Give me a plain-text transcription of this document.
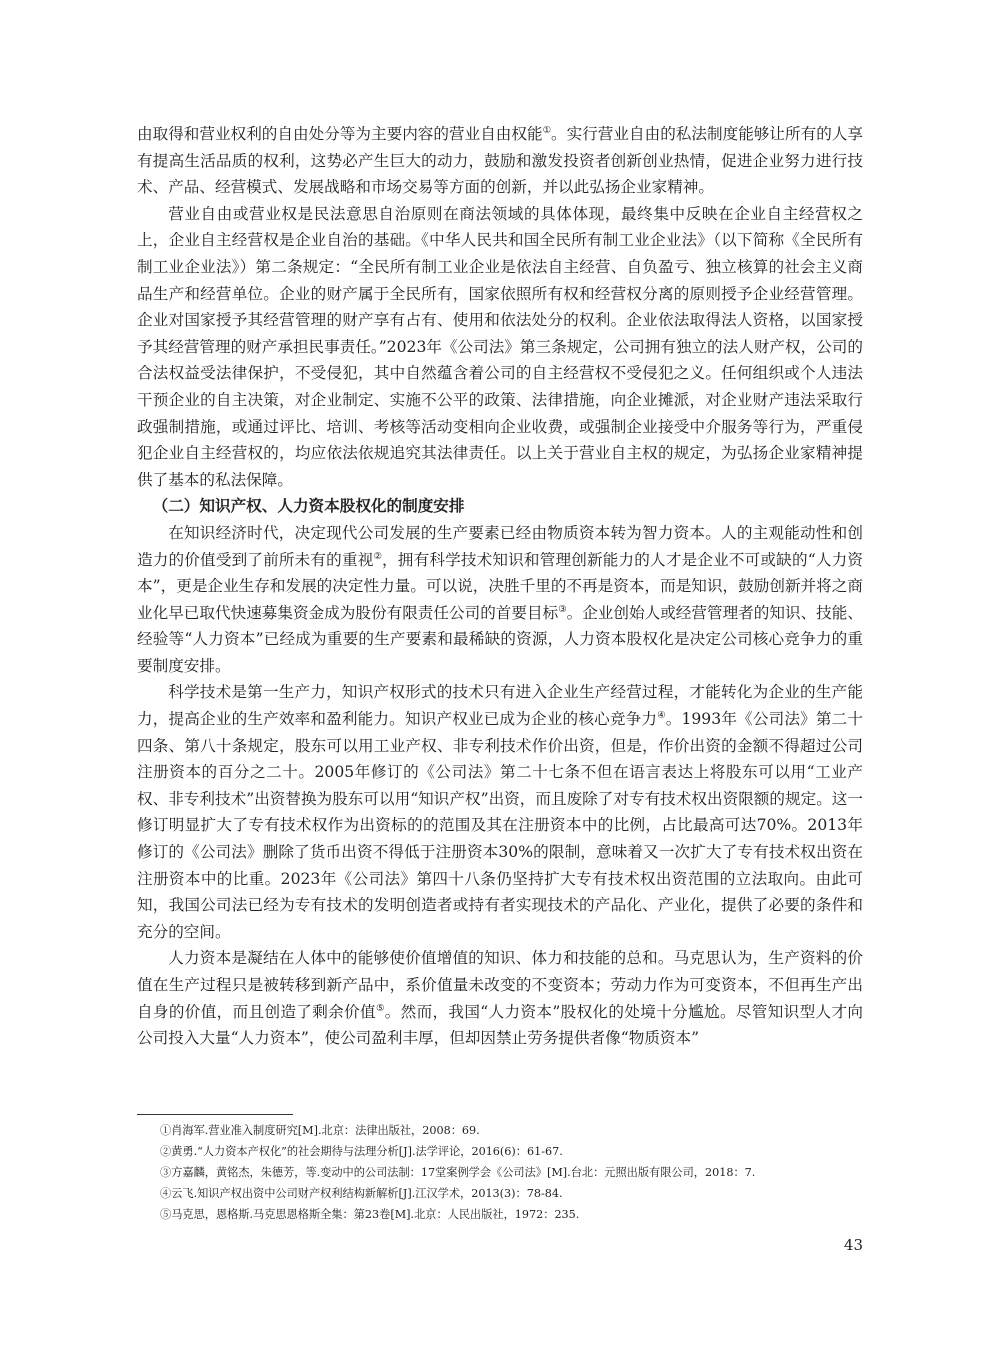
由取得和营业权利的自由处分等为主要内容的营业自由权能①。实行营业自由的私法制度能够让所有的人享有提高生活品质的权利，这势必产生巨大的动力，鼓励和激发投资者创新创业热情，促进企业努力进行技术、产品、经营模式、发展战略和市场交易等方面的创新，并以此弘扬企业家精神。

营业自由或营业权是民法意思自治原则在商法领域的具体体现，最终集中反映在企业自主经营权之上，企业自主经营权是企业自治的基础。《中华人民共和国全民所有制工业企业法》（以下简称《全民所有制工业企业法》）第二条规定：“全民所有制工业企业是依法自主经营、自负盈亏、独立核算的社会主义商品生产和经营单位。企业的财产属于全民所有，国家依照所有权和经营权分离的原则授予企业经营管理。企业对国家授予其经营管理的财产享有占有、使用和依法处分的权利。企业依法取得法人资格，以国家授予其经营管理的财产承担民事责任。”2023年《公司法》第三条规定，公司拥有独立的法人财产权，公司的合法权益受法律保护，不受侵犯，其中自然蕴含着公司的自主经营权不受侵犯之义。任何组织或个人违法干预企业的自主决策，对企业制定、实施不公平的政策、法律措施，向企业摊派，对企业财产违法采取行政强制措施，或通过评比、培训、考核等活动变相向企业收费，或强制企业接受中介服务等行为，严重侵犯企业自主经营权的，均应依法依规追究其法律责任。以上关于营业自主权的规定，为弘扬企业家精神提供了基本的私法保障。

（二）知识产权、人力资本股权化的制度安排

在知识经济时代，决定现代公司发展的生产要素已经由物质资本转为智力资本。人的主观能动性和创造力的价值受到了前所未有的重视②，拥有科学技术知识和管理创新能力的人才是企业不可或缺的“人力资本”，更是企业生存和发展的决定性力量。可以说，决胜千里的不再是资本，而是知识，鼓励创新并将之商业化早已取代快速募集资金成为股份有限责任公司的首要目标③。企业创始人或经营管理者的知识、技能、经验等“人力资本”已经成为重要的生产要素和最稀缺的资源，人力资本股权化是决定公司核心竞争力的重要制度安排。

科学技术是第一生产力，知识产权形式的技术只有进入企业生产经营过程，才能转化为企业的生产能力，提高企业的生产效率和盈利能力。知识产权业已成为企业的核心竞争力④。1993年《公司法》第二十四条、第八十条规定，股东可以用工业产权、非专利技术作价出资，但是，作价出资的金额不得超过公司注册资本的百分之二十。2005年修订的《公司法》第二十七条不但在语言表达上将股东可以用“工业产权、非专利技术”出资替换为股东可以用“知识产权”出资，而且废除了对专有技术权出资限额的规定。这一修订明显扩大了专有技术权作为出资标的的范围及其在注册资本中的比例，占比最高可达70%。2013年修订的《公司法》删除了货币出资不得低于注册资本30%的限制，意味着又一次扩大了专有技术权出资在注册资本中的比重。2023年《公司法》第四十八条仍坚持扩大专有技术权出资范围的立法取向。由此可知，我国公司法已经为专有技术的发明创造者或持有者实现技术的产品化、产业化，提供了必要的条件和充分的空间。

人力资本是凝结在人体中的能够使价值增值的知识、体力和技能的总和。马克思认为，生产资料的价值在生产过程只是被转移到新产品中，系价值量未改变的不变资本；劳动力作为可变资本，不但再生产出自身的价值，而且创造了剩余价值⑤。然而，我国“人力资本”股权化的处境十分尴尬。尽管知识型人才向公司投入大量“人力资本”，使公司盈利丰厚，但却因禁止劳务提供者像“物质资本”

①肖海军.营业准入制度研究[M].北京：法律出版社，2008：69.
②黄勇.“人力资本产权化”的社会期待与法理分析[J].法学评论，2016(6)：61-67.
③方嘉麟，黄铭杰，朱德芳，等.变动中的公司法制：17堂案例学会《公司法》[M].台北：元照出版有限公司，2018：7.
④云飞.知识产权出资中公司财产权利结构新解析[J].江汉学术，2013(3)：78-84.
⑤马克思，恩格斯.马克思恩格斯全集：第23卷[M].北京：人民出版社，1972：235.
43
